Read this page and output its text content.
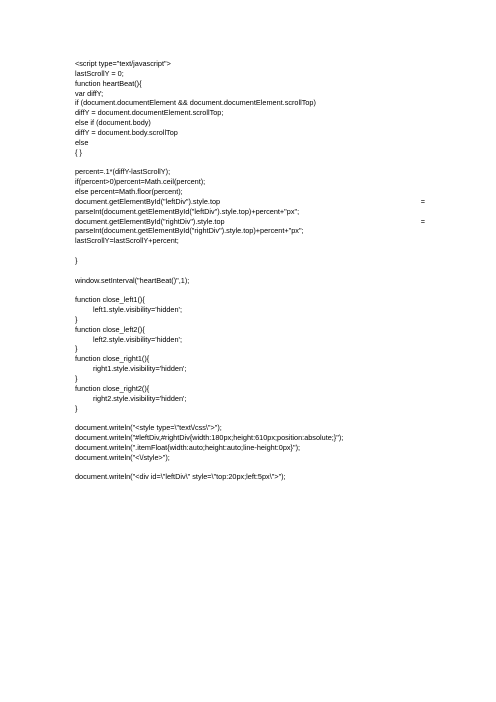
<script type="text/javascript">
lastScrollY = 0;
function heartBeat(){
var diffY;
if (document.documentElement && document.documentElement.scrollTop)
diffY = document.documentElement.scrollTop;
else if (document.body)
diffY = document.body.scrollTop
else
{ }
percent=.1*(diffY-lastScrollY);
if(percent>0)percent=Math.ceil(percent);
else percent=Math.floor(percent);
document.getElementById("leftDiv").style.top	=
parseInt(document.getElementById("leftDiv").style.top)+percent+"px";
document.getElementById("rightDiv").style.top	=
parseInt(document.getElementById("rightDiv").style.top)+percent+"px";
lastScrollY=lastScrollY+percent;
}
window.setInterval("heartBeat()",1);
function close_left1(){
left1.style.visibility='hidden';
}
function close_left2(){
left2.style.visibility='hidden';
}
function close_right1(){
right1.style.visibility='hidden';
}
function close_right2(){
right2.style.visibility='hidden';
}
document.writeln("<style type=\"text\/css\">");
document.writeln("#leftDiv,#rightDiv{width:180px;height:610px;position:absolute;}");
document.writeln(".itemFloat{width:auto;height:auto;line-height:0px}");
document.writeln("<\/style>");
document.writeln("<div id=\"leftDiv\" style=\"top:20px;left:5px\">");
